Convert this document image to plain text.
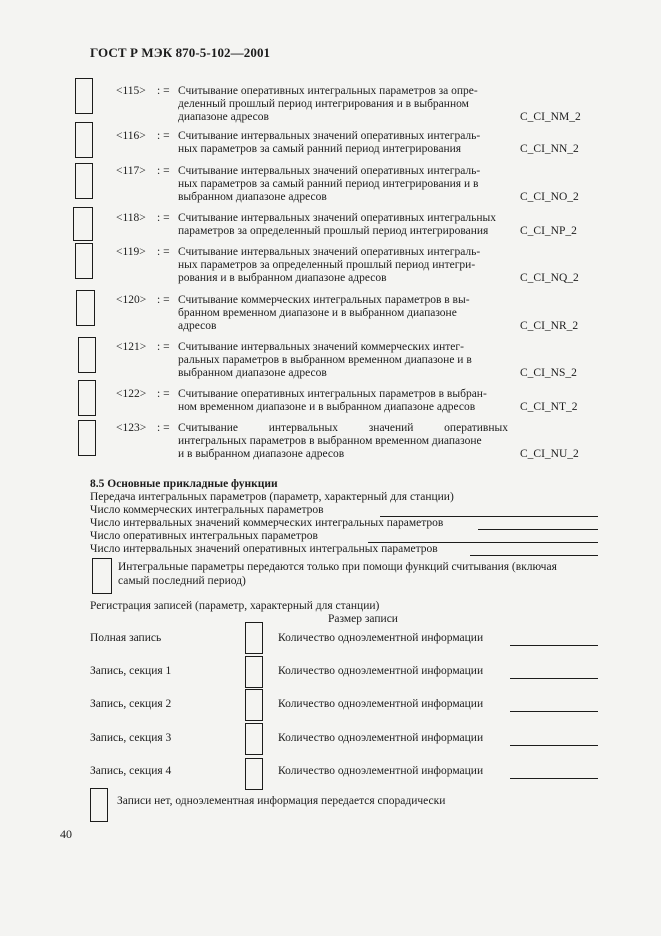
ГОСТ Р МЭК 870-5-102—2001
<115> : = Считывание оперативных интегральных параметров за опре-
деленный прошлый период интегрирования и в выбранном
диапазоне адресов	C_CI_NM_2
<116> : = Считывание интервальных значений оперативных интеграль-
ных параметров за самый ранний период интегрирования	C_CI_NN_2
<117> : = Считывание интервальных значений оперативных интеграль-
ных параметров за самый ранний период интегрирования и в
выбранном диапазоне адресов	C_CI_NO_2
<118> : = Считывание интервальных значений оперативных интегральных
параметров за определенный прошлый период интегрирования	C_CI_NP_2
<119> : = Считывание интервальных значений оперативных интеграль-
ных параметров за определенный прошлый период интегри-
рования и в выбранном диапазоне адресов	C_CI_NQ_2
<120> : = Считывание коммерческих интегральных параметров в вы-
бранном временном диапазоне и в выбранном диапазоне
адресов	C_CI_NR_2
<121> : = Считывание интервальных значений коммерческих интег-
ральных параметров в выбранном временном диапазоне и в
выбранном диапазоне адресов	C_CI_NS_2
<122> : = Считывание оперативных интегральных параметров в выбран-
ном временном диапазоне и в выбранном диапазоне адресов	C_CI_NT_2
<123> : = Считывание интервальных значений оперативных
интегральных параметров в выбранном временном диапазоне
и в выбранном диапазоне адресов	C_CI_NU_2
8.5 Основные прикладные функции
Передача интегральных параметров (параметр, характерный для станции)
Число коммерческих интегральных параметров
Число интервальных значений коммерческих интегральных параметров
Число оперативных интегральных параметров
Число интервальных значений оперативных интегральных параметров
Интегральные параметры передаются только при помощи функций считывания (включая
самый последний период)
Регистрация записей (параметр, характерный для станции)
Размер записи
Полная запись	Количество одноэлементной информации
Запись, секция 1	Количество одноэлементной информации
Запись, секция 2	Количество одноэлементной информации
Запись, секция 3	Количество одноэлементной информации
Запись, секция 4	Количество одноэлементной информации
Записи нет, одноэлементная информация передается спорадически
40
